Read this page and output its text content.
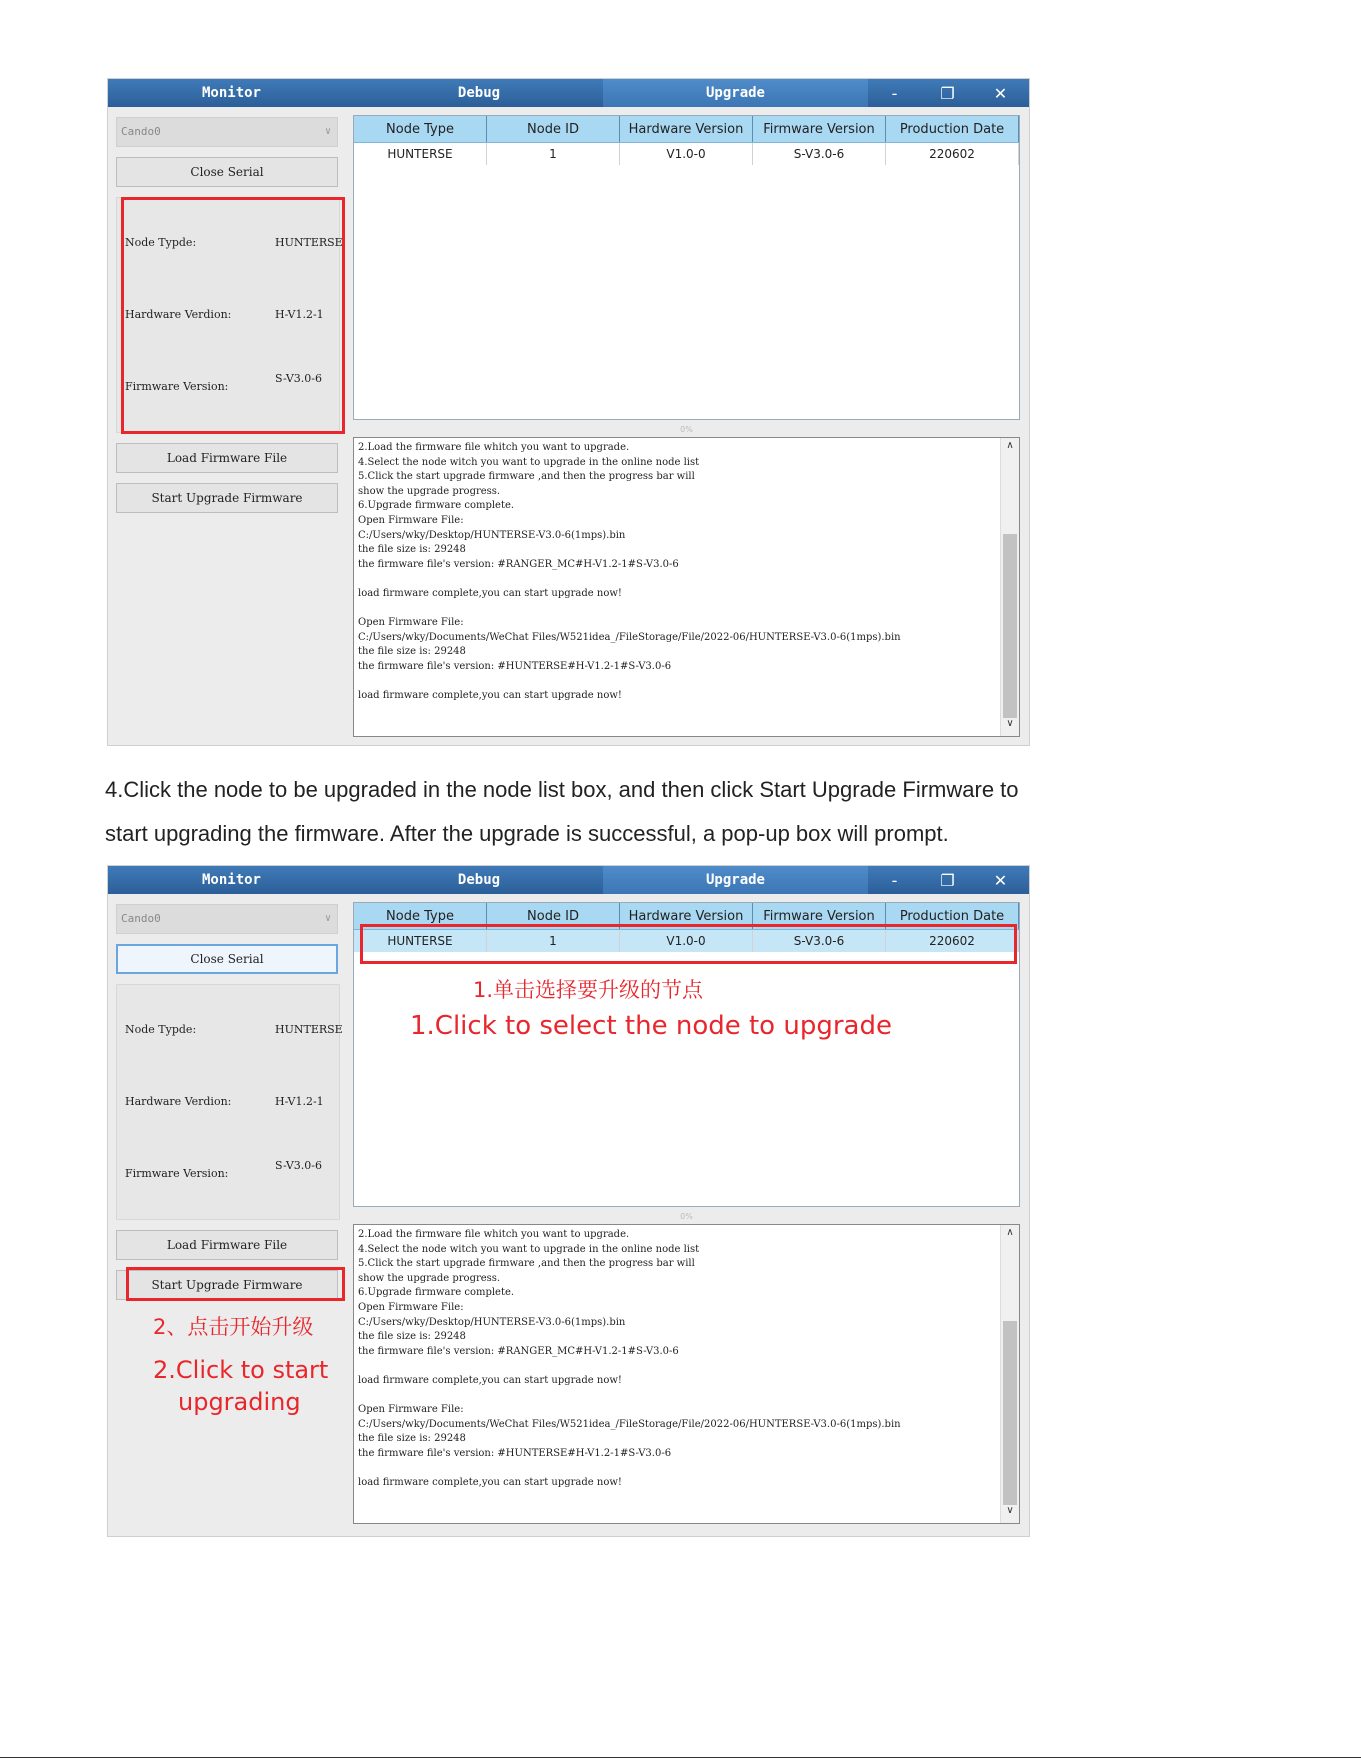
Monitor	Debug	Upgrade	-	❐	✕
Cando0	∨
Close Serial
Node Typde:	HUNTERSE
Hardware Verdion:	H-V1.2-1
Firmware Version:
S-V3.0-6
Load Firmware File
Start Upgrade Firmware
Node Type	Node ID	Hardware Version	Firmware Version	Production Date
HUNTERSE	1	V1.0-0	S-V3.0-6	220602
0%
2.Load the firmware file whitch you want to upgrade.
4.Select the node witch you want to upgrade in the online node list
5.Click the start upgrade firmware ,and then the progress bar will
show the upgrade progress.
6.Upgrade firmware complete.
Open Firmware File:
C:/Users/wky/Desktop/HUNTERSE-V3.0-6(1mps).bin
the file size is: 29248
the firmware file's version: #RANGER_MC#H-V1.2-1#S-V3.0-6

load firmware complete,you can start upgrade now!

Open Firmware File:
C:/Users/wky/Documents/WeChat Files/W521idea_/FileStorage/File/2022-06/HUNTERSE-V3.0-6(1mps).bin
the file size is: 29248
the firmware file's version: #HUNTERSE#H-V1.2-1#S-V3.0-6

load firmware complete,you can start upgrade now!
∧
∨
4.Click the node to be upgraded in the node list box, and then click Start Upgrade Firmware to
start upgrading the firmware. After the upgrade is successful, a pop-up box will prompt.
Monitor	Debug	Upgrade	-	❐	✕
Cando0	∨
Close Serial
Node Typde:	HUNTERSE
Hardware Verdion:	H-V1.2-1
Firmware Version:
S-V3.0-6
Load Firmware File
Start Upgrade Firmware
2、点击开始升级
2.Click to start
upgrading
Node Type	Node ID	Hardware Version	Firmware Version	Production Date
HUNTERSE	1	V1.0-0	S-V3.0-6	220602
1.单击选择要升级的节点
1.Click to select the node to upgrade
0%
2.Load the firmware file whitch you want to upgrade.
4.Select the node witch you want to upgrade in the online node list
5.Click the start upgrade firmware ,and then the progress bar will
show the upgrade progress.
6.Upgrade firmware complete.
Open Firmware File:
C:/Users/wky/Desktop/HUNTERSE-V3.0-6(1mps).bin
the file size is: 29248
the firmware file's version: #RANGER_MC#H-V1.2-1#S-V3.0-6

load firmware complete,you can start upgrade now!

Open Firmware File:
C:/Users/wky/Documents/WeChat Files/W521idea_/FileStorage/File/2022-06/HUNTERSE-V3.0-6(1mps).bin
the file size is: 29248
the firmware file's version: #HUNTERSE#H-V1.2-1#S-V3.0-6

load firmware complete,you can start upgrade now!
∧
∨
